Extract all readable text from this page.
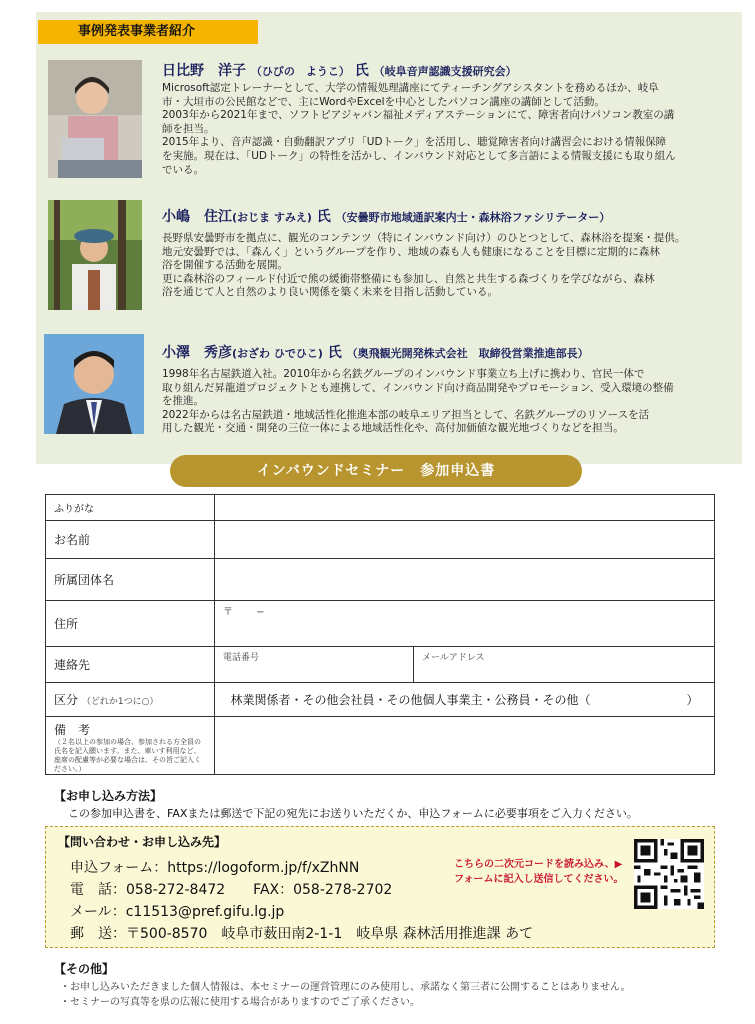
事例発表事業者紹介
日比野　洋子 （ひびの　ようこ） 氏 （岐阜音声認識支援研究会）
Microsoft認定トレーナーとして、大学の情報処理講座にてティーチングアシスタントを務めるほか、岐阜
市・大垣市の公民館などで、主にWordやExcelを中心としたパソコン講座の講師として活動。
2003年から2021年まで、ソフトピアジャパン福祉メディアステーションにて、障害者向けパソコン教室の講
師を担当。
2015年より、音声認識・自動翻訳アプリ「UDトーク」を活用し、聴覚障害者向け講習会における情報保障
を実施。現在は、「UDトーク」の特性を活かし、インバウンド対応として多言語による情報支援にも取り組ん
でいる。
小嶋　住江(おじま すみえ) 氏 （安曇野市地域通訳案内士・森林浴ファシリテーター）
長野県安曇野市を拠点に、観光のコンテンツ（特にインバウンド向け）のひとつとして、森林浴を提案・提供。
地元安曇野では、「森んく」というグループを作り、地域の森も人も健康になることを目標に定期的に森林
浴を開催する活動を展開。
更に森林浴のフィールド付近で熊の緩衝帯整備にも参加し、自然と共生する森づくりを学びながら、森林
浴を通じて人と自然のより良い関係を築く未来を目指し活動している。
小澤　秀彦(おざわ ひでひこ) 氏 （奥飛観光開発株式会社　取締役営業推進部長）
1998年名古屋鉄道入社。2010年から名鉄グループのインバウンド事業立ち上げに携わり、官民一体で
取り組んだ昇龍道プロジェクトとも連携して、インバウンド向け商品開発やプロモーション、受入環境の整備
を推進。
2022年からは名古屋鉄道・地域活性化推進本部の岐阜エリア担当として、名鉄グループのリソースを活
用した観光・交通・開発の三位一体による地域活性化や、高付加価値な観光地づくりなどを担当。
インバウンドセミナー　参加申込書
ふりがな		
お名前		
所属団体名		
住所	〒　　 −	
連絡先	電話番号	メールアドレス
区分 （どれか1つに○）	林業関係者・その他会社員・その他個人事業主・公務員・その他（　　　　　　　　）	

備　考
（２名以上の参加の場合、参加される方全員の氏名を記入願います。また、車いす利用など、座席の配慮等が必要な場合は、その旨ご記入ください。）		

【お申し込み方法】
この参加申込書を、FAXまたは郵送で下記の宛先にお送りいただくか、申込フォームに必要事項をご入力ください。
【問い合わせ・お申し込み先】
申込フォーム：https://logoform.jp/f/xZhNN
電　話：058-272-8472　　FAX：058-278-2702
メール：c11513@pref.gifu.lg.jp
郵　送：〒500-8570　岐阜市薮田南2-1-1　岐阜県 森林活用推進課 あて
こちらの二次元コードを読み込み、▶
フォームに記入し送信してください。
【その他】
・お申し込みいただきました個人情報は、本セミナーの運営管理にのみ使用し、承諾なく第三者に公開することはありません。
・セミナーの写真等を県の広報に使用する場合がありますのでご了承ください。
